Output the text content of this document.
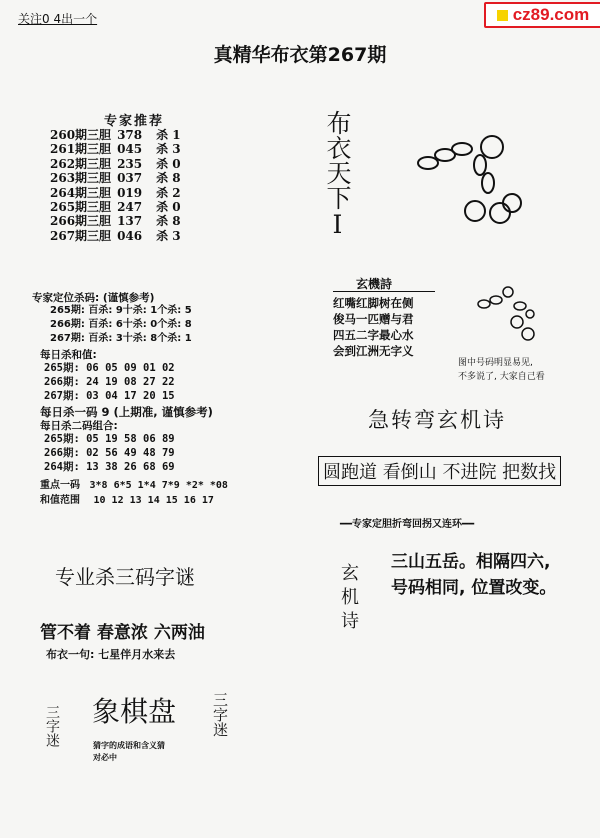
关注0 4出一个	cz89.com
真精华布衣第267期
专家推荐
260期三胆 378 杀 1
261期三胆 045 杀 3
262期三胆 235 杀 0
263期三胆 037 杀 8
264期三胆 019 杀 2
265期三胆 247 杀 0
266期三胆 137 杀 8
267期三胆 046 杀 3
专家定位杀码: (谨慎参考)
265期: 百杀: 9十杀: 1个杀: 5
266期: 百杀: 6十杀: 0个杀: 8
267期: 百杀: 3十杀: 8个杀: 1
每日杀和值:
265期: 06 05 09 01 02
266期: 24 19 08 27 22
267期: 03 04 17 20 15
每日杀一码 9 (上期准, 谨慎参考)
每日杀二码组合:
265期: 05 19 58 06 89
266期: 02 56 49 48 79
264期: 13 38 26 68 69
重点一码 3*8 6*5 1*4 7*9 *2* *08
和值范围 10 12 13 14 15 16 17
专业杀三码字谜
管不着 春意浓 六两油
布衣一句: 七星伴月水来去
三字迷 象棋盘 三字迷
猜字的成语和含义猜
对必中
布衣天下Ⅰ
玄機詩
红嘴红脚树在侧
俊马一匹赠与君
四五二字最心水
会到江洲无字义
图中号码明显易见,
不多说了, 大家自己看
急转弯玄机诗
圆跑道 看倒山 不进院 把数找
━━专家定胆折弯回拐又连环━━
玄机诗
三山五岳。相隔四六,
号码相同, 位置改变。
